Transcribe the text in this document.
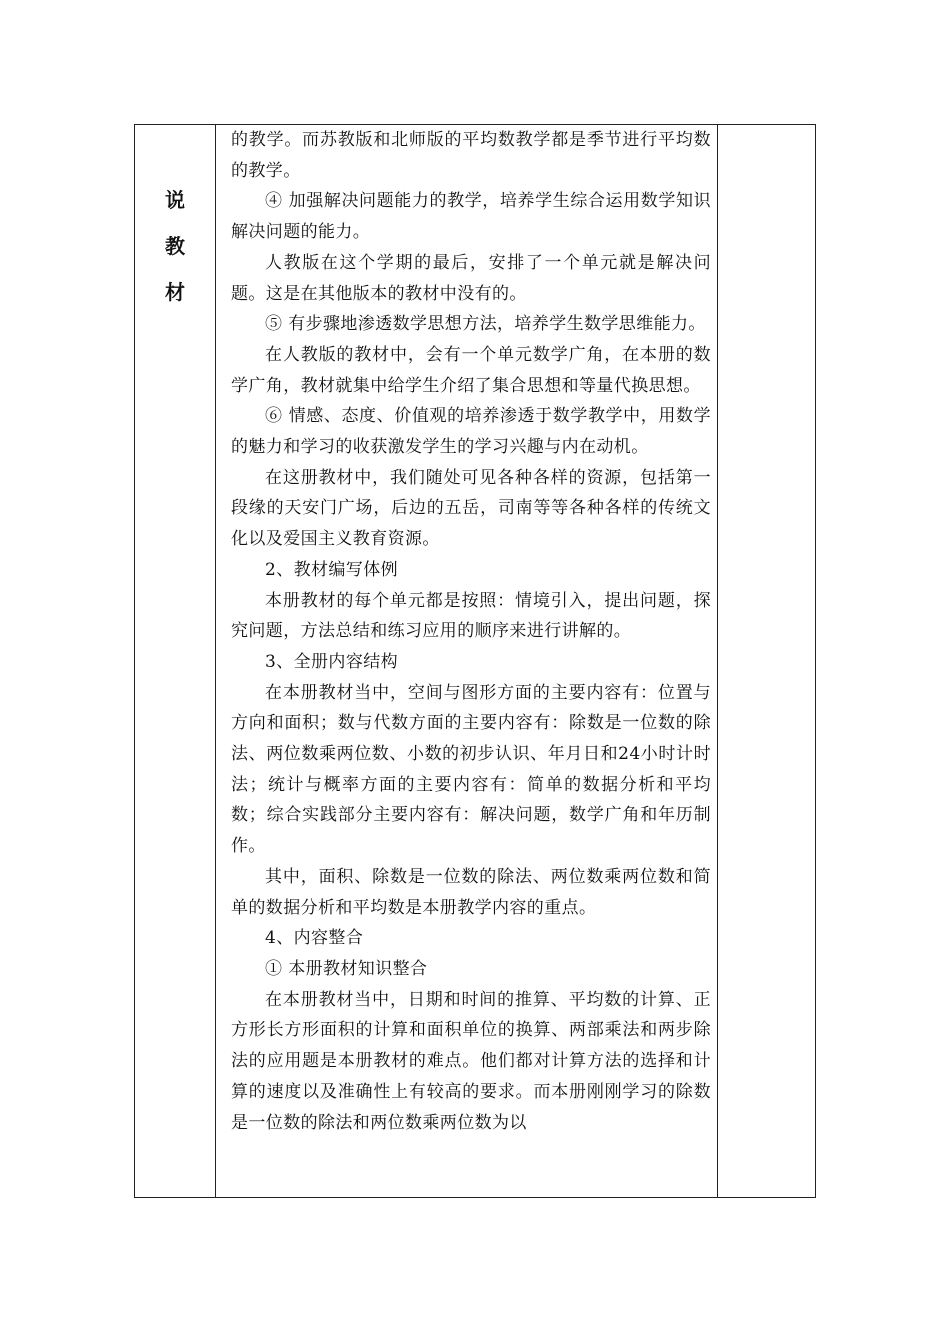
说
教
材

的教学。而苏教版和北师版的平均数教学都是季节进行平均数的教学。

④ 加强解决问题能力的教学，培养学生综合运用数学知识解决问题的能力。

人教版在这个学期的最后，安排了一个单元就是解决问题。这是在其他版本的教材中没有的。

⑤ 有步骤地渗透数学思想方法，培养学生数学思维能力。

在人教版的教材中，会有一个单元数学广角，在本册的数学广角，教材就集中给学生介绍了集合思想和等量代换思想。

⑥ 情感、态度、价值观的培养渗透于数学教学中，用数学的魅力和学习的收获激发学生的学习兴趣与内在动机。

在这册教材中，我们随处可见各种各样的资源，包括第一段缘的天安门广场，后边的五岳，司南等等各种各样的传统文化以及爱国主义教育资源。

2、教材编写体例

本册教材的每个单元都是按照：情境引入，提出问题，探究问题，方法总结和练习应用的顺序来进行讲解的。

3、全册内容结构

在本册教材当中，空间与图形方面的主要内容有：位置与方向和面积；数与代数方面的主要内容有：除数是一位数的除法、两位数乘两位数、小数的初步认识、年月日和24小时计时法；统计与概率方面的主要内容有：简单的数据分析和平均数；综合实践部分主要内容有：解决问题，数学广角和年历制作。

其中，面积、除数是一位数的除法、两位数乘两位数和简单的数据分析和平均数是本册教学内容的重点。

4、内容整合

① 本册教材知识整合

在本册教材当中，日期和时间的推算、平均数的计算、正方形长方形面积的计算和面积单位的换算、两部乘法和两步除法的应用题是本册教材的难点。他们都对计算方法的选择和计算的速度以及准确性上有较高的要求。而本册刚刚学习的除数是一位数的除法和两位数乘两位数为以
